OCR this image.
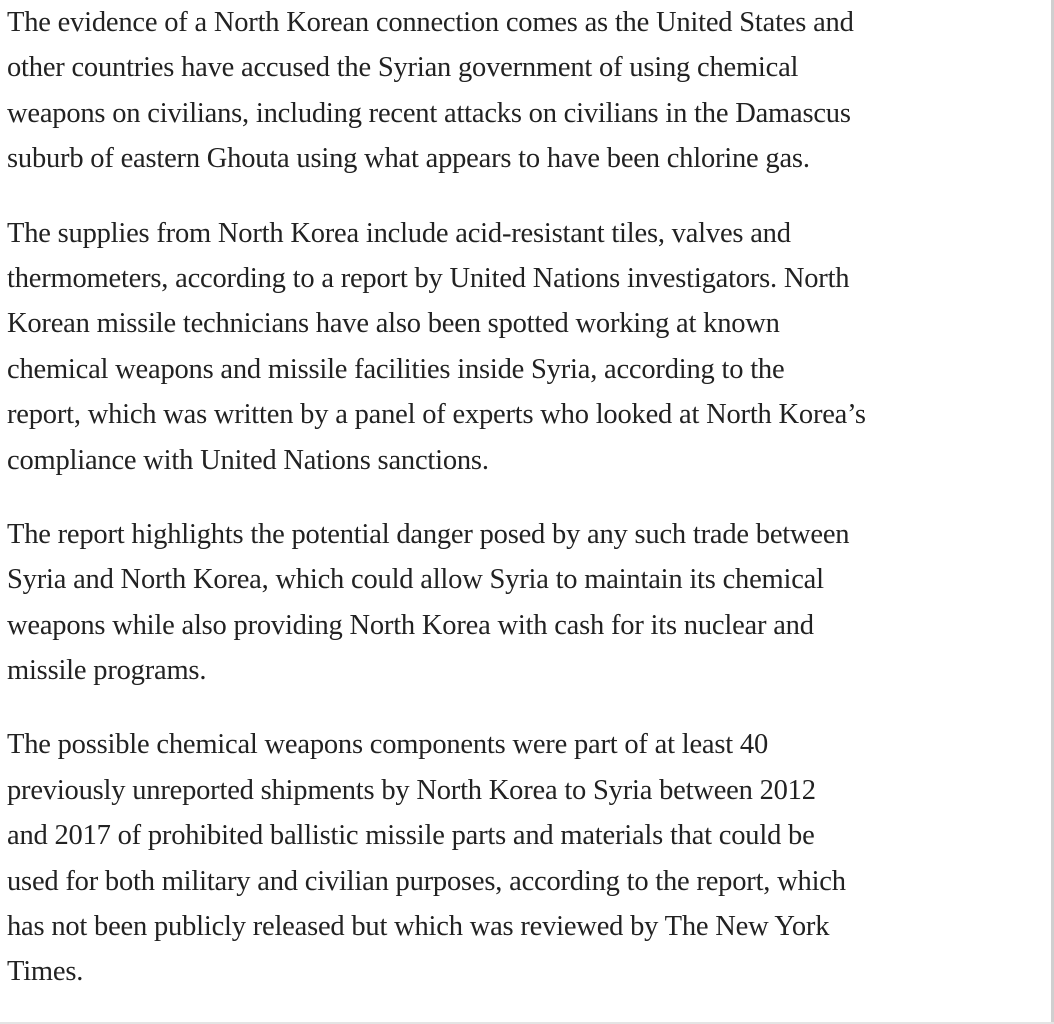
The evidence of a North Korean connection comes as the United States and
other countries have accused the Syrian government of using chemical
weapons on civilians, including recent attacks on civilians in the Damascus
suburb of eastern Ghouta using what appears to have been chlorine gas.

The supplies from North Korea include acid-resistant tiles, valves and
thermometers, according to a report by United Nations investigators. North
Korean missile technicians have also been spotted working at known
chemical weapons and missile facilities inside Syria, according to the
report, which was written by a panel of experts who looked at North Korea’s
compliance with United Nations sanctions.

The report highlights the potential danger posed by any such trade between
Syria and North Korea, which could allow Syria to maintain its chemical
weapons while also providing North Korea with cash for its nuclear and
missile programs.

The possible chemical weapons components were part of at least 40
previously unreported shipments by North Korea to Syria between 2012
and 2017 of prohibited ballistic missile parts and materials that could be
used for both military and civilian purposes, according to the report, which
has not been publicly released but which was reviewed by The New York
Times.
